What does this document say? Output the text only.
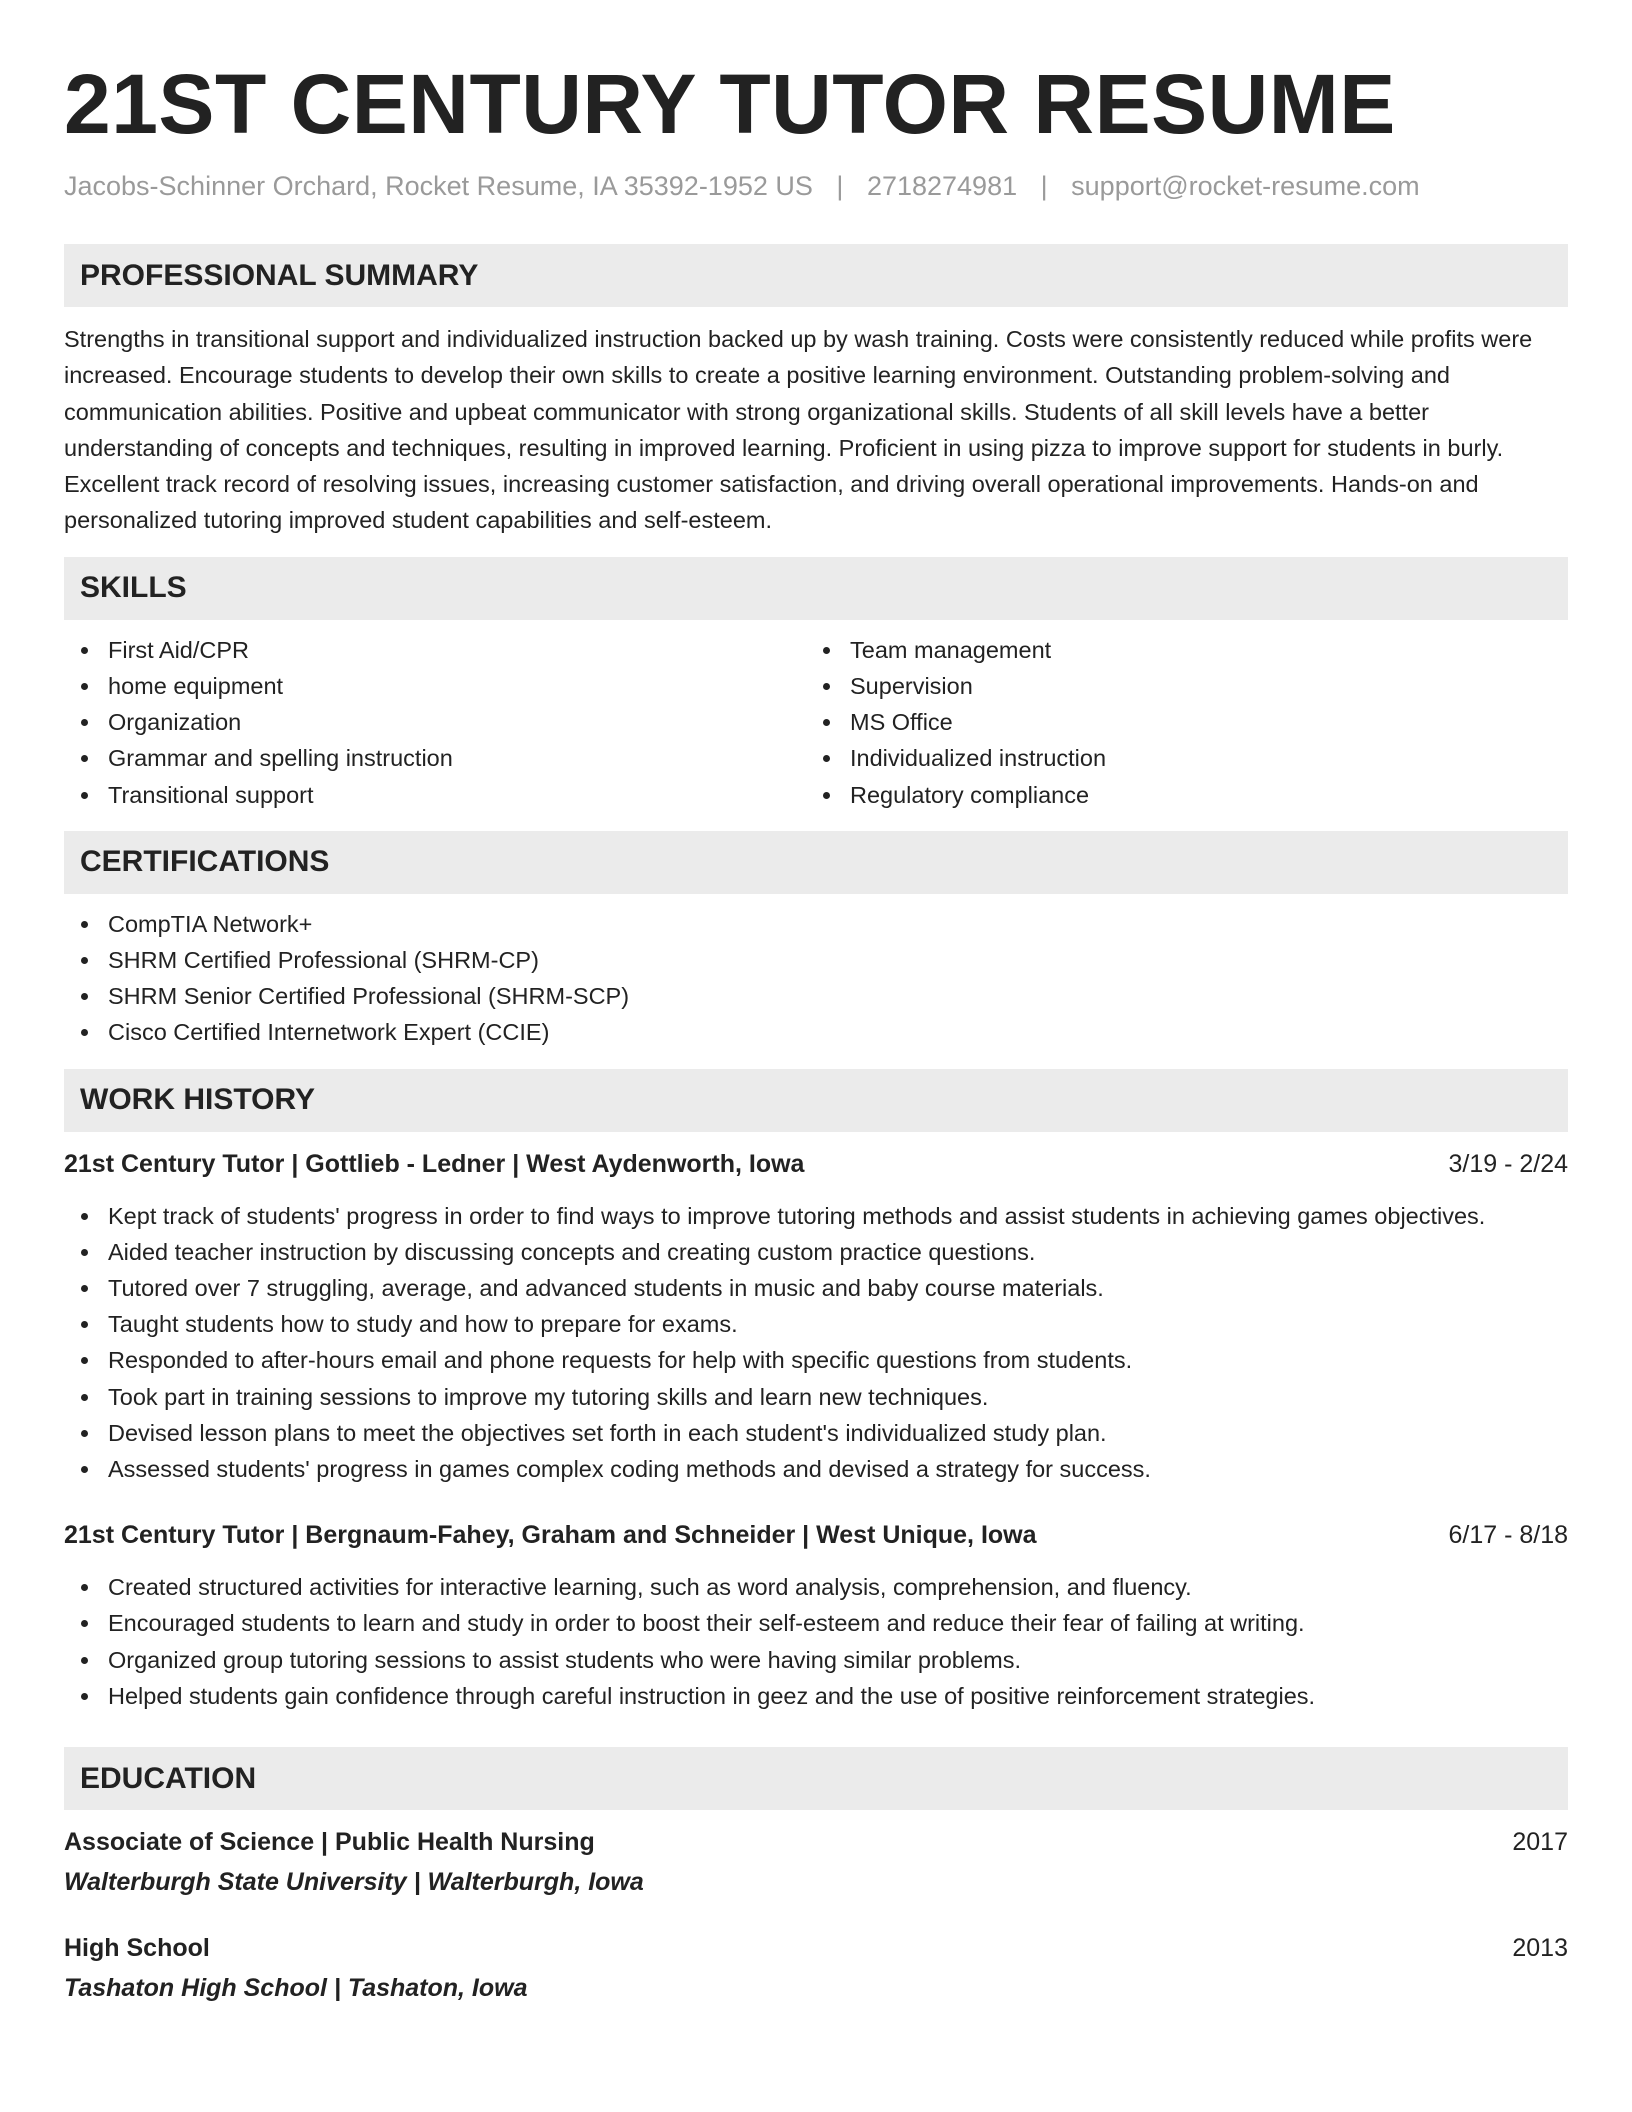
21ST CENTURY TUTOR RESUME
Jacobs-Schinner Orchard, Rocket Resume, IA 35392-1952 US | 2718274981 | support@rocket-resume.com
PROFESSIONAL SUMMARY

Strengths in transitional support and individualized instruction backed up by wash training. Costs were consistently reduced while profits were increased. Encourage students to develop their own skills to create a positive learning environment. Outstanding problem-solving and communication abilities. Positive and upbeat communicator with strong organizational skills. Students of all skill levels have a better understanding of concepts and techniques, resulting in improved learning. Proficient in using pizza to improve support for students in burly. Excellent track record of resolving issues, increasing customer satisfaction, and driving overall operational improvements. Hands-on and personalized tutoring improved student capabilities and self-esteem.

SKILLS
First Aid/CPR
home equipment
Organization
Grammar and spelling instruction
Transitional support
Team management
Supervision
MS Office
Individualized instruction
Regulatory compliance
CERTIFICATIONS
CompTIA Network+
SHRM Certified Professional (SHRM-CP)
SHRM Senior Certified Professional (SHRM-SCP)
Cisco Certified Internetwork Expert (CCIE)
WORK HISTORY
21st Century Tutor | Gottlieb - Ledner | West Aydenworth, Iowa	3/19 - 2/24
Kept track of students' progress in order to find ways to improve tutoring methods and assist students in achieving games objectives.
Aided teacher instruction by discussing concepts and creating custom practice questions.
Tutored over 7 struggling, average, and advanced students in music and baby course materials.
Taught students how to study and how to prepare for exams.
Responded to after-hours email and phone requests for help with specific questions from students.
Took part in training sessions to improve my tutoring skills and learn new techniques.
Devised lesson plans to meet the objectives set forth in each student's individualized study plan.
Assessed students' progress in games complex coding methods and devised a strategy for success.
21st Century Tutor | Bergnaum-Fahey, Graham and Schneider | West Unique, Iowa	6/17 - 8/18
Created structured activities for interactive learning, such as word analysis, comprehension, and fluency.
Encouraged students to learn and study in order to boost their self-esteem and reduce their fear of failing at writing.
Organized group tutoring sessions to assist students who were having similar problems.
Helped students gain confidence through careful instruction in geez and the use of positive reinforcement strategies.
EDUCATION
Associate of Science | Public Health Nursing	2017
Walterburgh State University | Walterburgh, Iowa
High School	2013
Tashaton High School | Tashaton, Iowa
